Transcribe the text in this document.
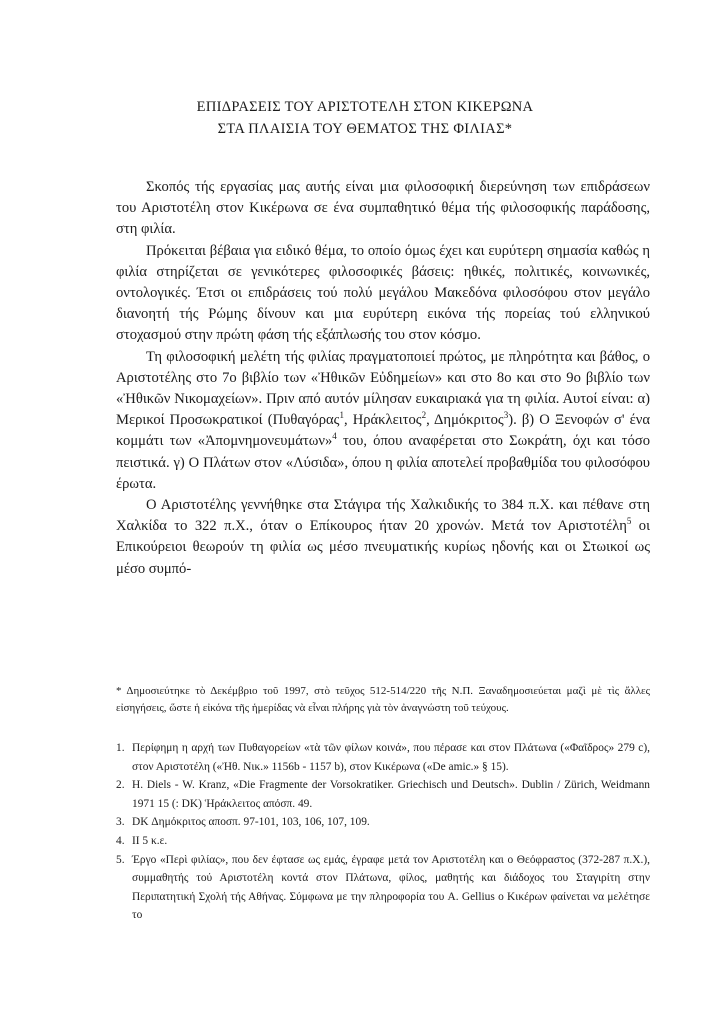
ΕΠΙΔΡΑΣΕΙΣ ΤΟΥ ΑΡΙΣΤΟΤΕΛΗ ΣΤΟΝ ΚΙΚΕΡΩΝΑ
ΣΤΑ ΠΛΑΙΣΙΑ ΤΟΥ ΘΕΜΑΤΟΣ ΤΗΣ ΦΙΛΙΑΣ*

Σκοπός τής εργασίας μας αυτής είναι μια φιλοσοφική διερεύνηση των επιδράσεων του Αριστοτέλη στον Κικέρωνα σε ένα συμπαθητικό θέμα τής φιλοσοφικής παράδοσης, στη φιλία.

Πρόκειται βέβαια για ειδικό θέμα, το οποίο όμως έχει και ευρύτερη σημασία καθώς η φιλία στηρίζεται σε γενικότερες φιλοσοφικές βάσεις: ηθικές, πολιτικές, κοινωνικές, οντολογικές. Έτσι οι επιδράσεις τού πολύ μεγάλου Μακεδόνα φιλοσόφου στον μεγάλο διανοητή τής Ρώμης δίνουν και μια ευρύτερη εικόνα τής πορείας τού ελληνικού στοχασμού στην πρώτη φάση τής εξάπλωσής του στον κόσμο.

Τη φιλοσοφική μελέτη τής φιλίας πραγματοποιεί πρώτος, με πληρότητα και βάθος, ο Αριστοτέλης στο 7ο βιβλίο των «Ἠθικῶν Εὐδημείων» και στο 8ο και στο 9ο βιβλίο των «Ἠθικῶν Νικομαχείων». Πριν από αυτόν μίλησαν ευκαιριακά για τη φιλία. Αυτοί είναι: α) Μερικοί Προσωκρατικοί (Πυθαγόρας$^1$, Ηράκλειτος$^2$, Δημόκριτος$^3$). β) Ο Ξενοφών σ' ένα κομμάτι των «Ἀπομνημονευμάτων»$^4$ του, όπου αναφέρεται στο Σωκράτη, όχι και τόσο πειστικά. γ) Ο Πλάτων στον «Λύσιδα», όπου η φιλία αποτελεί προβαθμίδα του φιλοσόφου έρωτα.

Ο Αριστοτέλης γεννήθηκε στα Στάγιρα τής Χαλκιδικής το 384 π.Χ. και πέθανε στη Χαλκίδα το 322 π.Χ., όταν ο Επίκουρος ήταν 20 χρονών. Μετά τον Αριστοτέλη$^5$ οι Επικούρειοι θεωρούν τη φιλία ως μέσο πνευματικής κυρίως ηδονής και οι Στωικοί ως μέσο συμπό-

* Δημοσιεύτηκε τὸ Δεκέμβριο τοῦ 1997, στὸ τεῦχος 512-514/220 τῆς Ν.Π. Ξαναδημοσιεύεται μαζὶ μὲ τὶς ἄλλες εἰσηγήσεις, ὥστε ἡ εἰκόνα τῆς ἡμερίδας νὰ εἶναι πλήρης γιὰ τὸν ἀναγνώστη τοῦ τεύχους.
1. Περίφημη η αρχή των Πυθαγορείων «τὰ τῶν φίλων κοινά», που πέρασε και στον Πλάτωνα («Φαῖδρος» 279 c), στον Αριστοτέλη («Ἠθ. Νικ.» 1156b - 1157 b), στον Κικέρωνα («De amic.» § 15).
2. H. Diels - W. Kranz, «Die Fragmente der Vorsokratiker. Griechisch und Deutsch». Dublin / Zürich, Weidmann 1971 15 (: DK) Ἡράκλειτος απόσπ. 49.
3. DK Δημόκριτος αποσπ. 97-101, 103, 106, 107, 109.
4. II 5 κ.ε.
5. Έργο «Περὶ φιλίας», που δεν έφτασε ως εμάς, έγραφε μετά τον Αριστοτέλη και ο Θεόφραστος (372-287 π.Χ.), συμμαθητής τού Αριστοτέλη κοντά στον Πλάτωνα, φίλος, μαθητής και διάδοχος του Σταγιρίτη στην Περιπατητική Σχολή τής Αθήνας. Σύμφωνα με την πληροφορία του A. Gellius ο Κικέρων φαίνεται να μελέτησε το
